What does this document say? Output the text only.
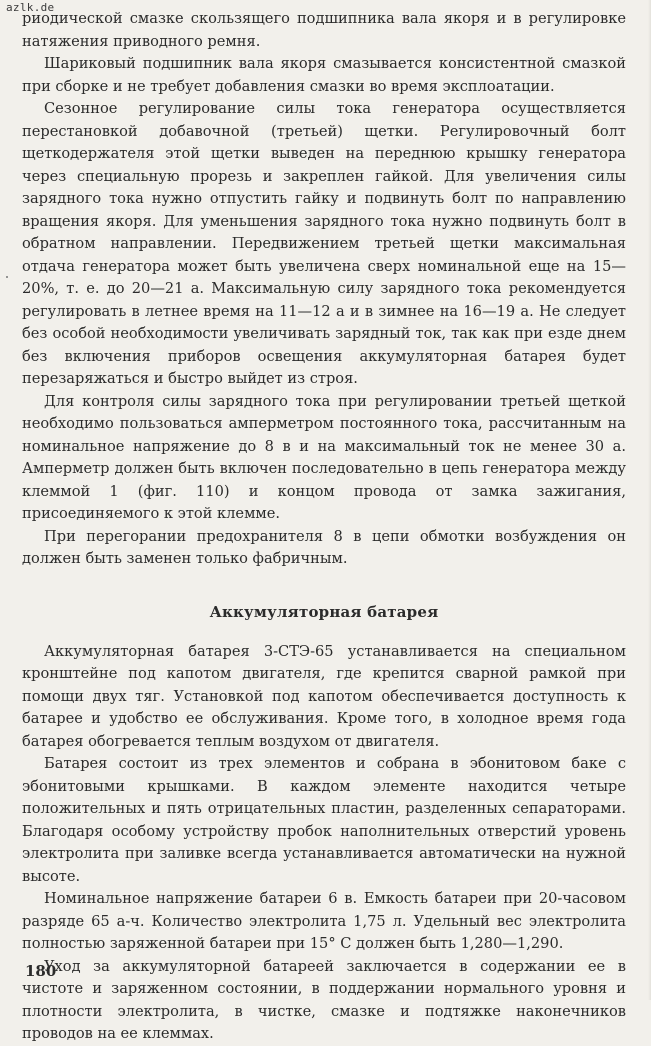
azlk.de

риодической смазке скользящего подшипника вала якоря и в регулировке натяжения приводного ремня.

Шариковый подшипник вала якоря смазывается консистентной смазкой при сборке и не требует добавления смазки во время эксплоатации.

Сезонное регулирование силы тока генератора осуществляется перестановкой добавочной (третьей) щетки. Регулировочный болт щеткодержателя этой щетки выведен на переднюю крышку генератора через специальную прорезь и закреплен гайкой. Для увеличения силы зарядного тока нужно отпустить гайку и подвинуть болт по направлению вращения якоря. Для уменьшения зарядного тока нужно подвинуть болт в обратном направлении. Передвижением третьей щетки максимальная отдача генератора может быть увеличена сверх номинальной еще на 15—20%, т. е. до 20—21 а. Максимальную силу зарядного тока рекомендуется регулировать в летнее время на 11—12 а и в зимнее на 16—19 а. Не следует без особой необходимости увеличивать зарядный ток, так как при езде днем без включения приборов освещения аккумуляторная батарея будет перезаряжаться и быстро выйдет из строя.

Для контроля силы зарядного тока при регулировании третьей щеткой необходимо пользоваться амперметром постоянного тока, рассчитанным на номинальное напряжение до 8 в и на максимальный ток не менее 30 а. Амперметр должен быть включен последовательно в цепь генератора между клеммой 1 (фиг. 110) и концом провода от замка зажигания, присоединяемого к этой клемме.

При перегорании предохранителя 8 в цепи обмотки возбуждения он должен быть заменен только фабричным.

Аккумуляторная батарея

Аккумуляторная батарея 3-СТЭ-65 устанавливается на специальном кронштейне под капотом двигателя, где крепится сварной рамкой при помощи двух тяг. Установкой под капотом обеспечивается доступность к батарее и удобство ее обслуживания. Кроме того, в холодное время года батарея обогревается теплым воздухом от двигателя.

Батарея состоит из трех элементов и собрана в эбонитовом баке с эбонитовыми крышками. В каждом элементе находится четыре положительных и пять отрицательных пластин, разделенных сепараторами. Благодаря особому устройству пробок наполнительных отверстий уровень электролита при заливке всегда устанавливается автоматически на нужной высоте.

Номинальное напряжение батареи 6 в. Емкость батареи при 20-часовом разряде 65 а-ч. Количество электролита 1,75 л. Удельный вес электролита полностью заряженной батареи при 15° С должен быть 1,280—1,290.

Уход за аккумуляторной батареей заключается в содержании ее в чистоте и заряженном состоянии, в поддержании нормального уровня и плотности электролита, в чистке, смазке и подтяжке наконечников проводов на ее клеммах.

180
